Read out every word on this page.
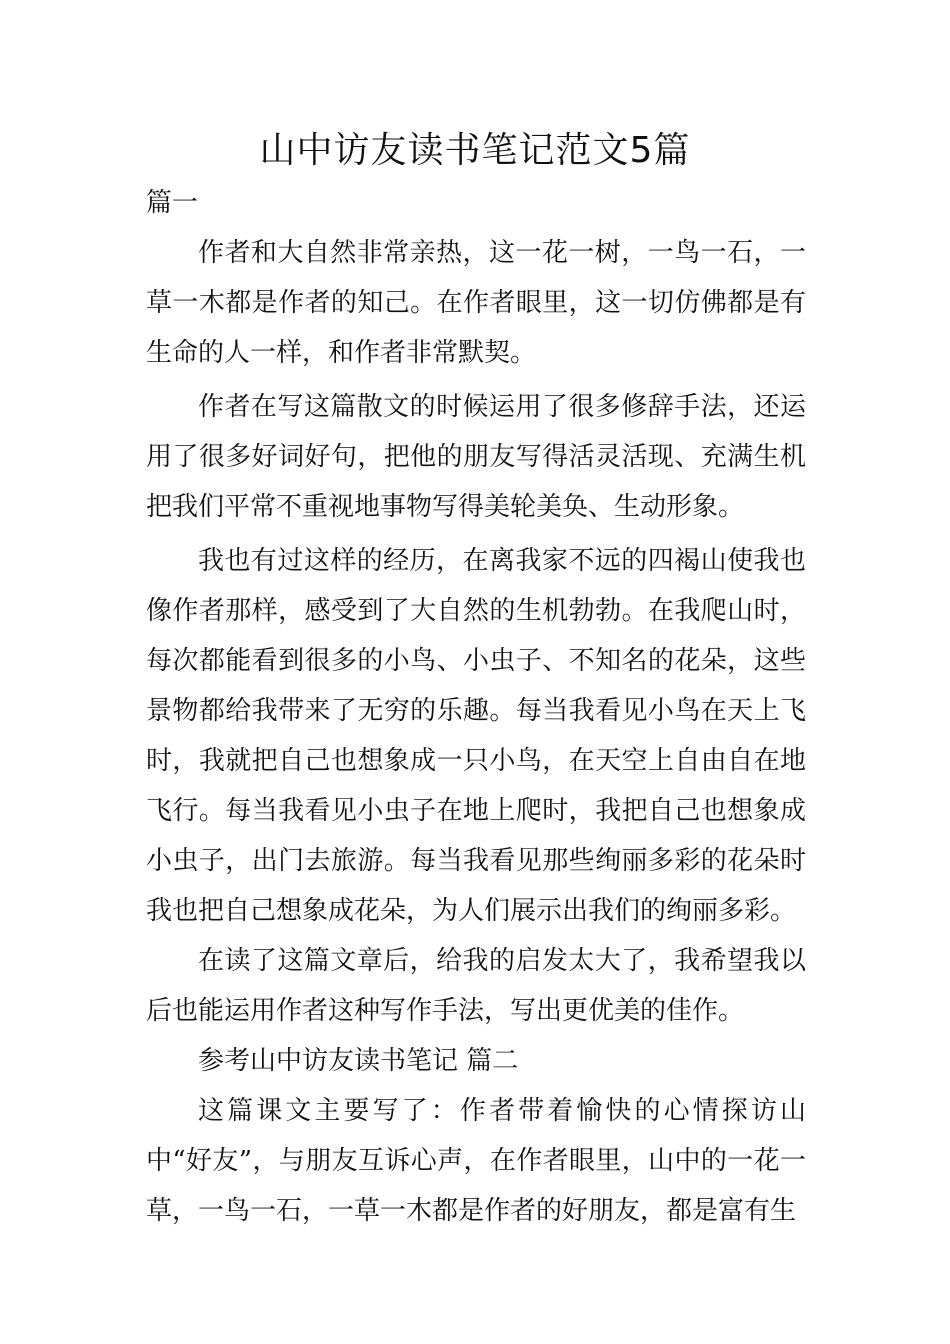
山中访友读书笔记范文5篇

篇一

作者和大自然非常亲热，这一花一树，一鸟一石，一草一木都是作者的知己。在作者眼里，这一切仿佛都是有生命的人一样，和作者非常默契。

作者在写这篇散文的时候运用了很多修辞手法，还运用了很多好词好句，把他的朋友写得活灵活现、充满生机把我们平常不重视地事物写得美轮美奂、生动形象。

我也有过这样的经历，在离我家不远的四褐山使我也像作者那样，感受到了大自然的生机勃勃。在我爬山时，每次都能看到很多的小鸟、小虫子、不知名的花朵，这些景物都给我带来了无穷的乐趣。每当我看见小鸟在天上飞时，我就把自己也想象成一只小鸟，在天空上自由自在地飞行。每当我看见小虫子在地上爬时，我把自己也想象成小虫子，出门去旅游。每当我看见那些绚丽多彩的花朵时我也把自己想象成花朵，为人们展示出我们的绚丽多彩。

在读了这篇文章后，给我的启发太大了，我希望我以后也能运用作者这种写作手法，写出更优美的佳作。

参考山中访友读书笔记 篇二

这篇课文主要写了：作者带着愉快的心情探访山中“好友”，与朋友互诉心声，在作者眼里，山中的一花一草，一鸟一石，一草一木都是作者的好朋友，都是富有生
